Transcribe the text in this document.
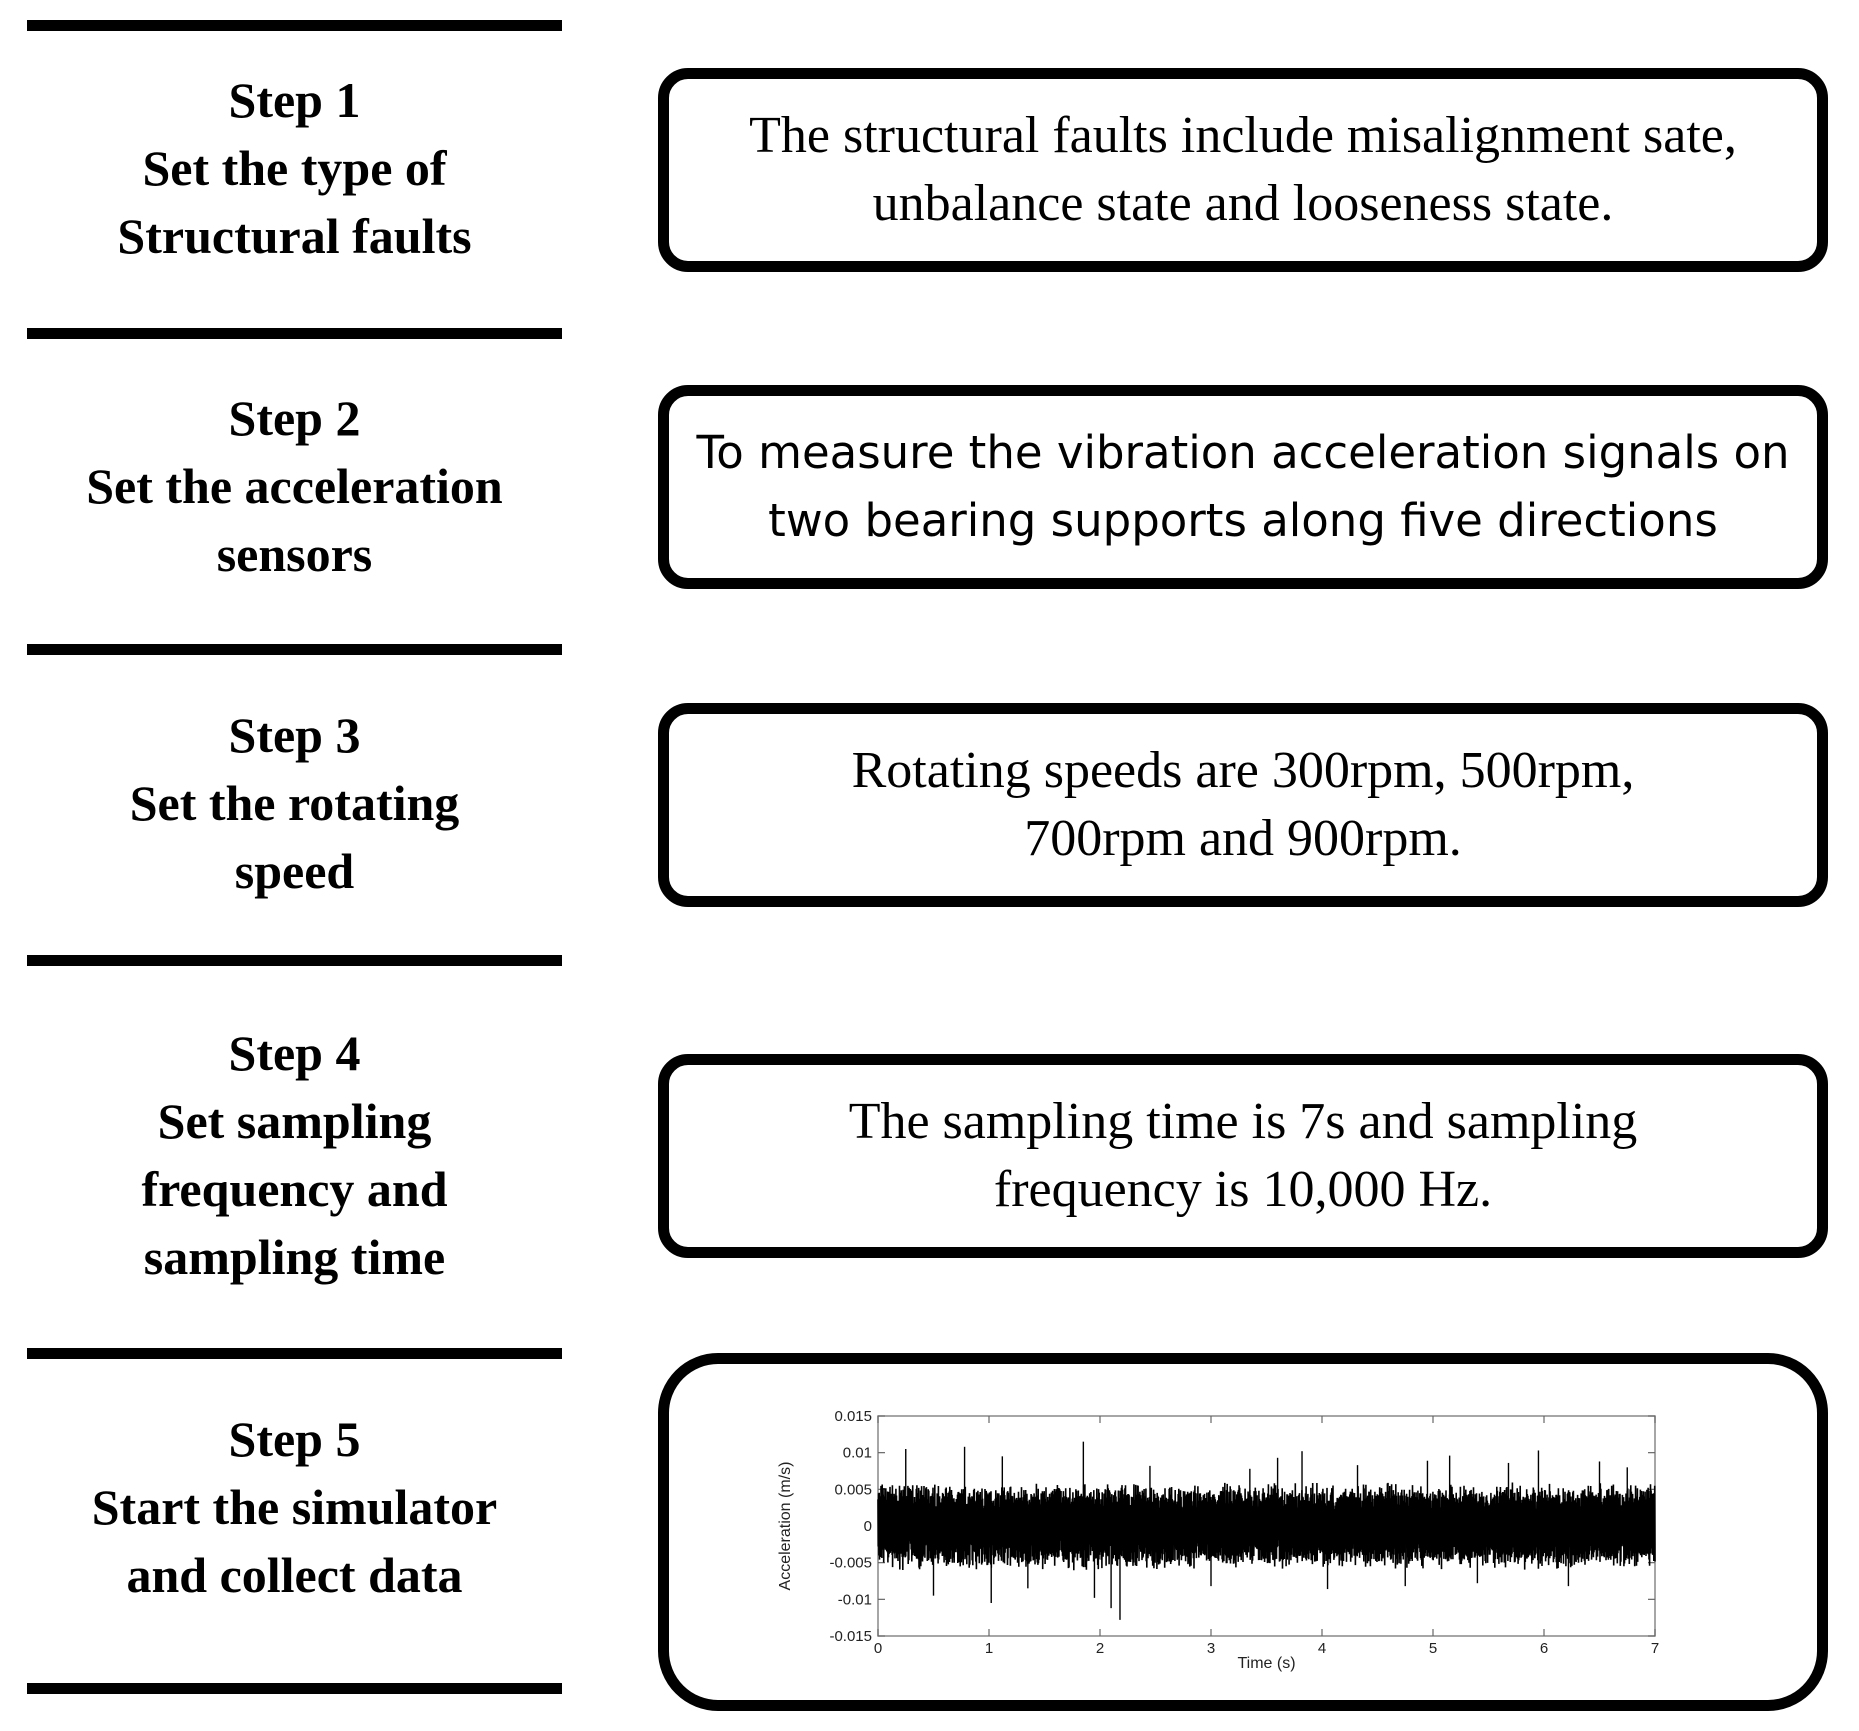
Step 1
Set the type of
Structural faults
The structural faults include misalignment sate,
unbalance state and looseness state.
Step 2
Set the acceleration
sensors
To measure the vibration acceleration signals on
two bearing supports along five directions
Step 3
Set the rotating
speed
Rotating speeds are 300rpm, 500rpm,
700rpm and 900rpm.
Step 4
Set sampling
frequency and
sampling time
The sampling time is 7s and sampling
frequency is 10,000 Hz.
Step 5
Start the simulator
and collect data
0	1	2	3	4	5	6	7
0.015
0.01
0.005
0
-0.005
-0.01
-0.015
Time (s)
Acceleration (m/s)
